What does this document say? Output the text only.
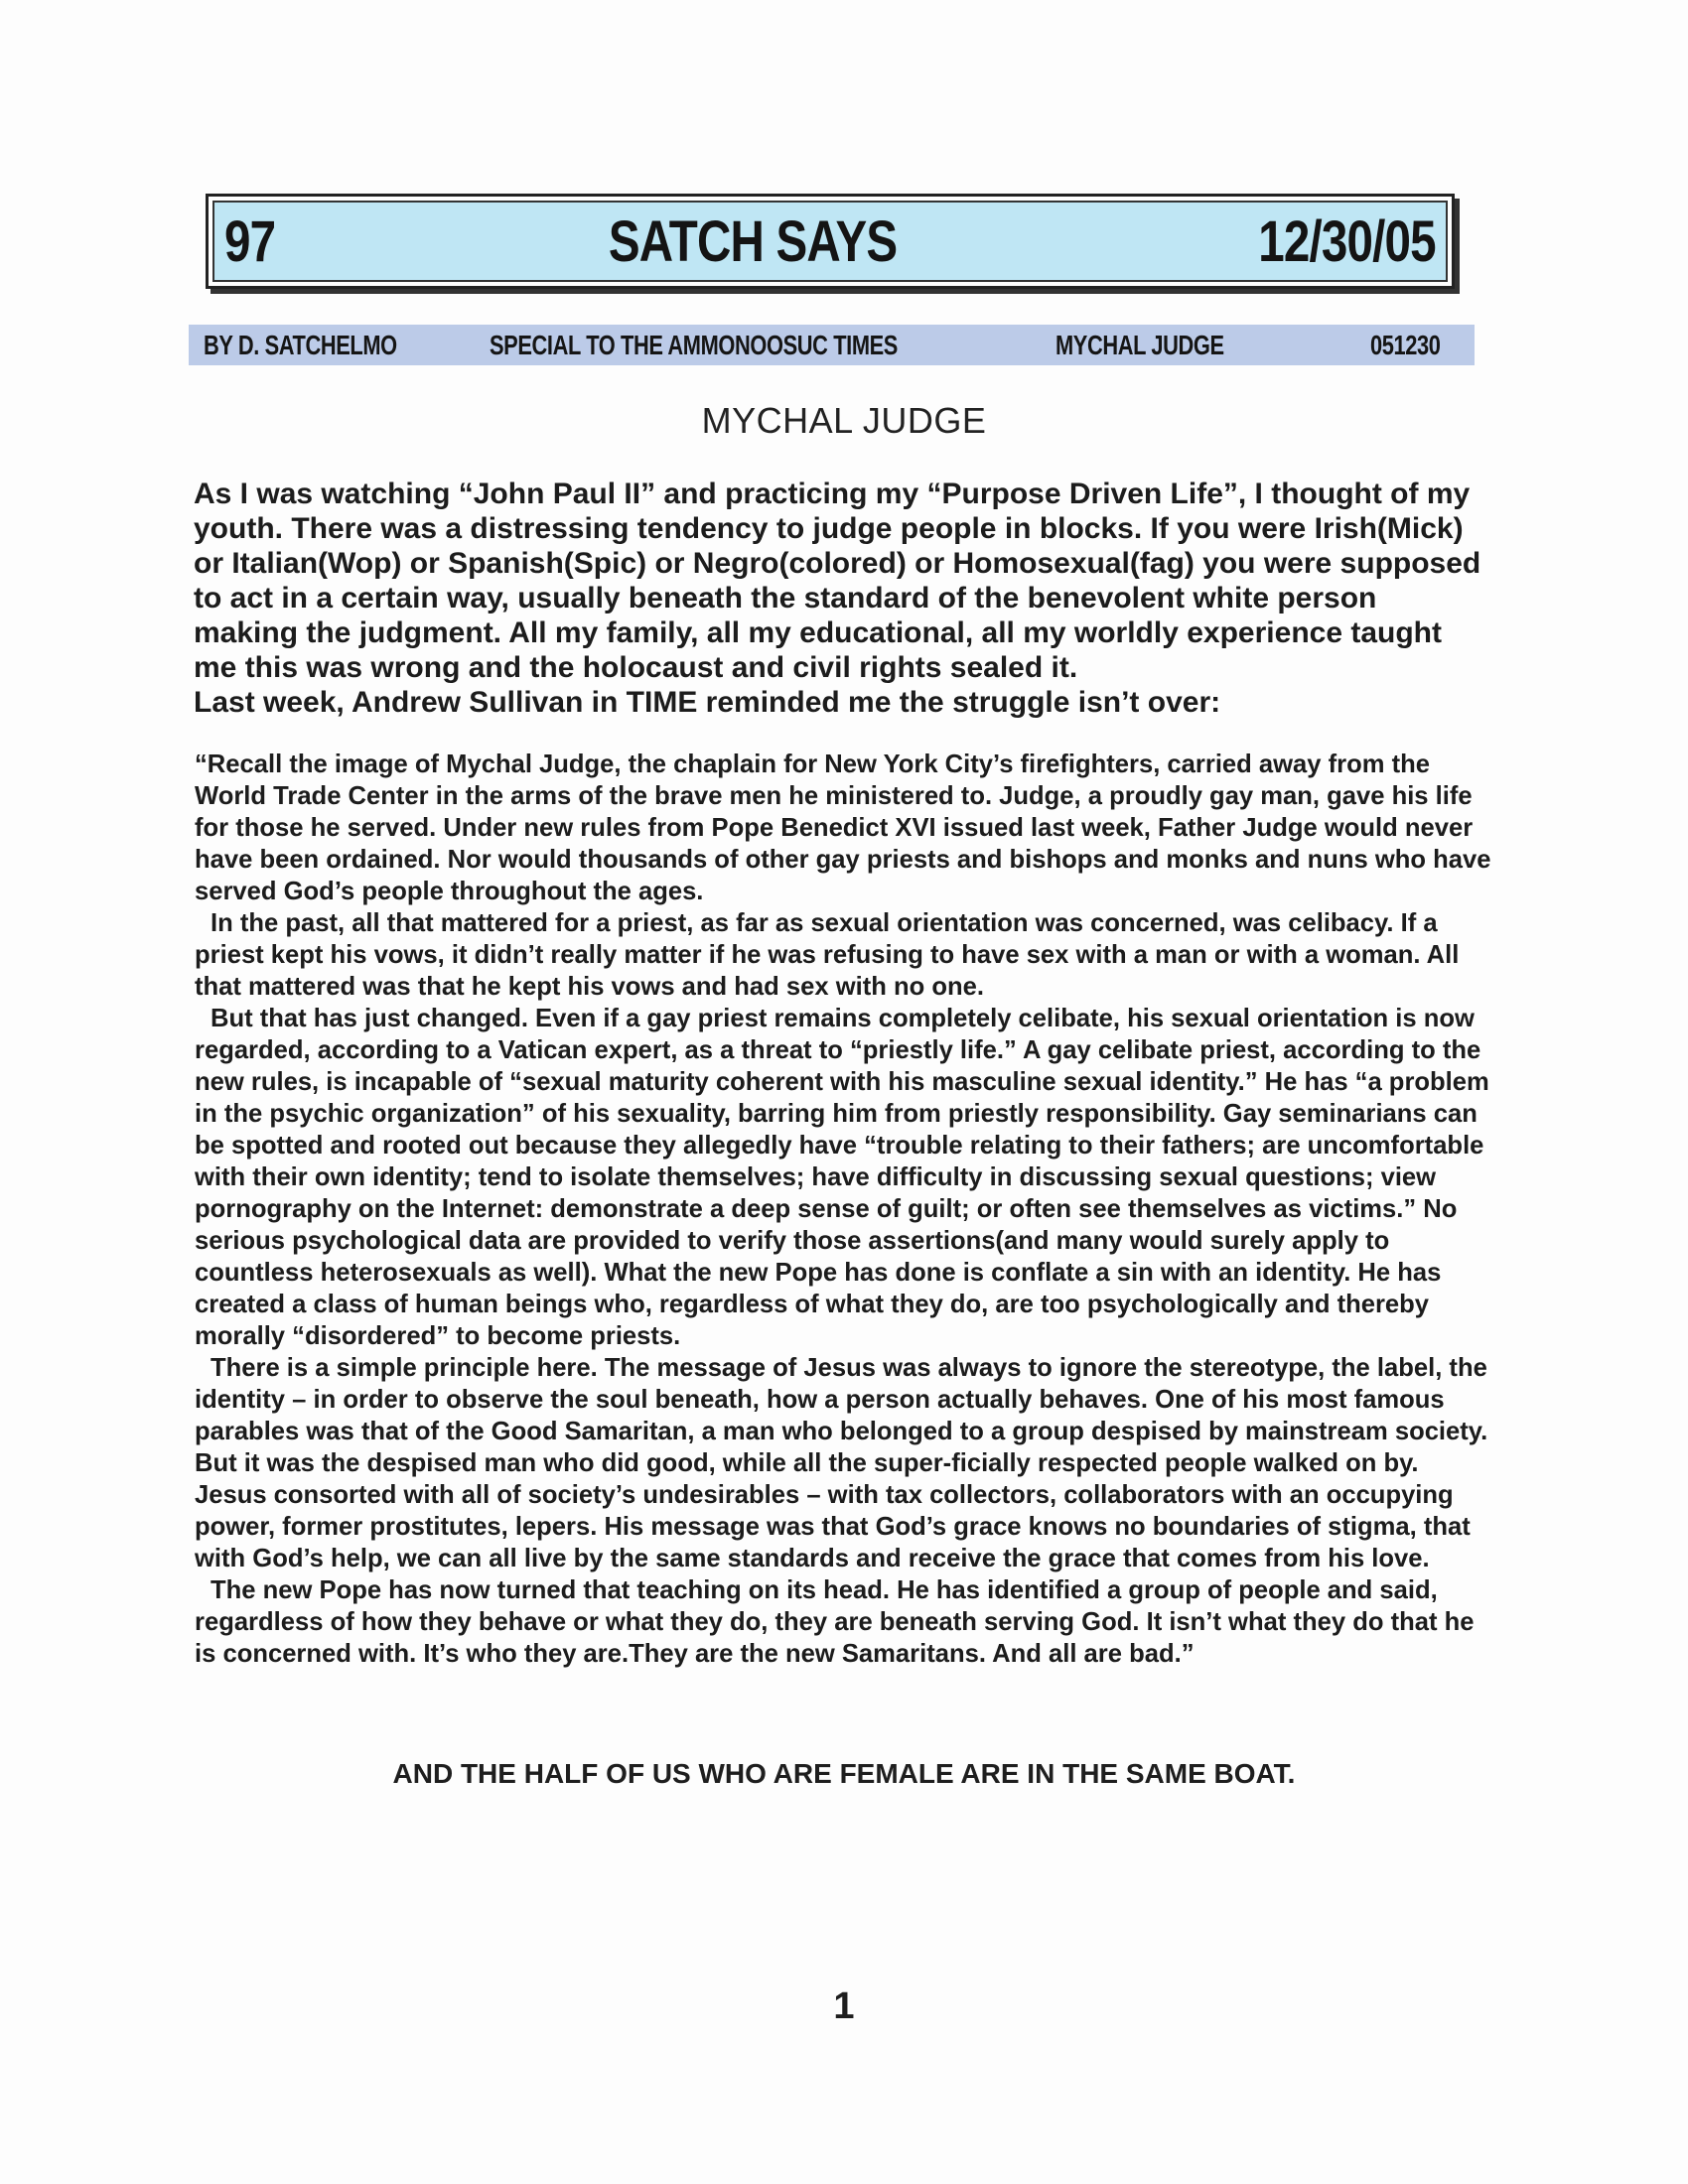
97	SATCH SAYS	12/30/05
BY D. SATCHELMO	SPECIAL TO THE AMMONOOSUC TIMES	MYCHAL JUDGE	051230
MYCHAL JUDGE

As I was watching “John Paul II” and practicing my “Purpose Driven Life”, I thought of my youth. There was a distressing tendency to judge people in blocks. If you were Irish(Mick) or Italian(Wop) or Spanish(Spic) or Negro(colored) or Homosexual(fag) you were supposed to act in a certain way, usually beneath the standard of the benevolent white person making the judgment. All my family, all my educational, all my worldly experience taught me this was wrong and the holocaust and civil rights sealed it.

Last week, Andrew Sullivan in TIME reminded me the struggle isn’t over:

“Recall the image of Mychal Judge, the chaplain for New York City’s firefighters, carried away from the World Trade Center in the arms of the brave men he ministered to. Judge, a proudly gay man, gave his life for those he served. Under new rules from Pope Benedict XVI issued last week, Father Judge would never have been ordained. Nor would thousands of other gay priests and bishops and monks and nuns who have served God’s people throughout the ages.

In the past, all that mattered for a priest, as far as sexual orientation was concerned, was celibacy. If a priest kept his vows, it didn’t really matter if he was refusing to have sex with a man or with a woman. All that mattered was that he kept his vows and had sex with no one.

But that has just changed. Even if a gay priest remains completely celibate, his sexual orientation is now regarded, according to a Vatican expert, as a threat to “priestly life.” A gay celibate priest, according to the new rules, is incapable of “sexual maturity coherent with his masculine sexual identity.” He has “a problem in the psychic organization” of his sexuality, barring him from priestly responsibility. Gay seminarians can be spotted and rooted out because they allegedly have “trouble relating to their fathers; are uncomfortable with their own identity; tend to isolate themselves; have difficulty in discussing sexual questions; view pornography on the Internet: demonstrate a deep sense of guilt; or often see themselves as victims.” No serious psychological data are provided to verify those assertions(and many would surely apply to countless heterosexuals as well). What the new Pope has done is conflate a sin with an identity. He has created a class of human beings who, regardless of what they do, are too psychologically and thereby morally “disordered” to become priests.

There is a simple principle here. The message of Jesus was always to ignore the stereotype, the label, the identity – in order to observe the soul beneath, how a person actually behaves. One of his most famous parables was that of the Good Samaritan, a man who belonged to a group despised by mainstream society. But it was the despised man who did good, while all the super-ficially respected people walked on by. Jesus consorted with all of society’s undesirables – with tax collectors, collaborators with an occupying power, former prostitutes, lepers. His message was that God’s grace knows no boundaries of stigma, that with God’s help, we can all live by the same standards and receive the grace that comes from his love.

The new Pope has now turned that teaching on its head. He has identified a group of people and said, regardless of how they behave or what they do, they are beneath serving God. It isn’t what they do that he is concerned with. It’s who they are.They are the new Samaritans. And all are bad.”

AND THE HALF OF US WHO ARE FEMALE ARE IN THE SAME BOAT.
1
